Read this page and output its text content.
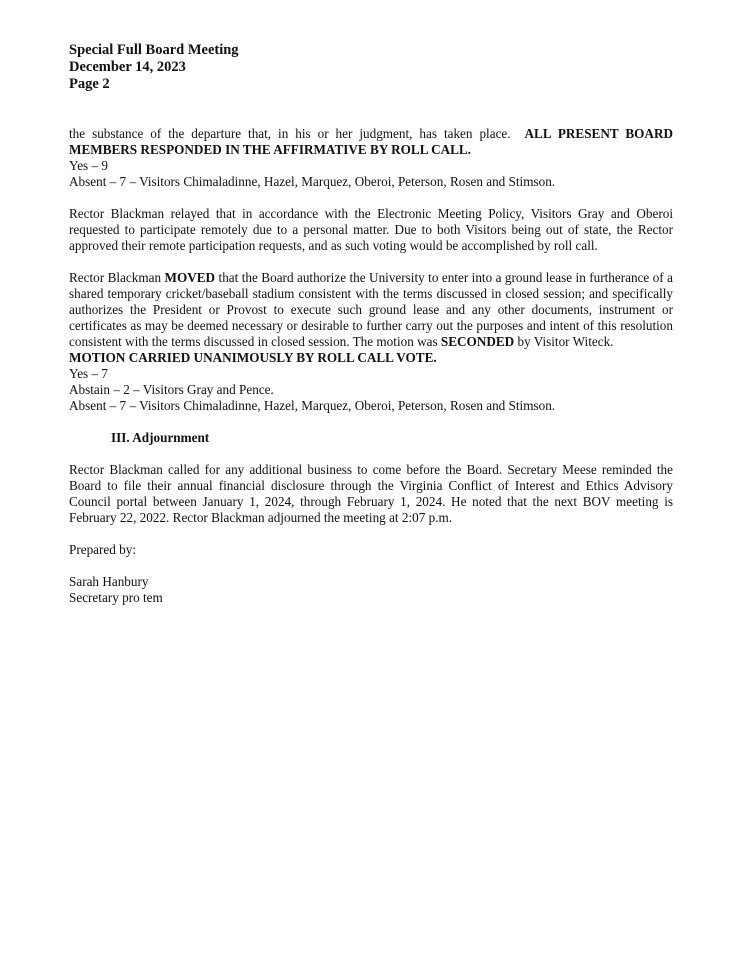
Special Full Board Meeting
December 14, 2023
Page 2

the substance of the departure that, in his or her judgment, has taken place. ALL PRESENT BOARD MEMBERS RESPONDED IN THE AFFIRMATIVE BY ROLL CALL.

Yes – 9
Absent – 7 – Visitors Chimaladinne, Hazel, Marquez, Oberoi, Peterson, Rosen and Stimson.

Rector Blackman relayed that in accordance with the Electronic Meeting Policy, Visitors Gray and Oberoi requested to participate remotely due to a personal matter. Due to both Visitors being out of state, the Rector approved their remote participation requests, and as such voting would be accomplished by roll call.

Rector Blackman MOVED that the Board authorize the University to enter into a ground lease in furtherance of a shared temporary cricket/baseball stadium consistent with the terms discussed in closed session; and specifically authorizes the President or Provost to execute such ground lease and any other documents, instrument or certificates as may be deemed necessary or desirable to further carry out the purposes and intent of this resolution consistent with the terms discussed in closed session. The motion was SECONDED by Visitor Witeck.

MOTION CARRIED UNANIMOUSLY BY ROLL CALL VOTE.
Yes – 7
Abstain – 2 – Visitors Gray and Pence.
Absent – 7 – Visitors Chimaladinne, Hazel, Marquez, Oberoi, Peterson, Rosen and Stimson.
III. Adjournment

Rector Blackman called for any additional business to come before the Board. Secretary Meese reminded the Board to file their annual financial disclosure through the Virginia Conflict of Interest and Ethics Advisory Council portal between January 1, 2024, through February 1, 2024. He noted that the next BOV meeting is February 22, 2022. Rector Blackman adjourned the meeting at 2:07 p.m.

Prepared by:
Sarah Hanbury
Secretary pro tem
